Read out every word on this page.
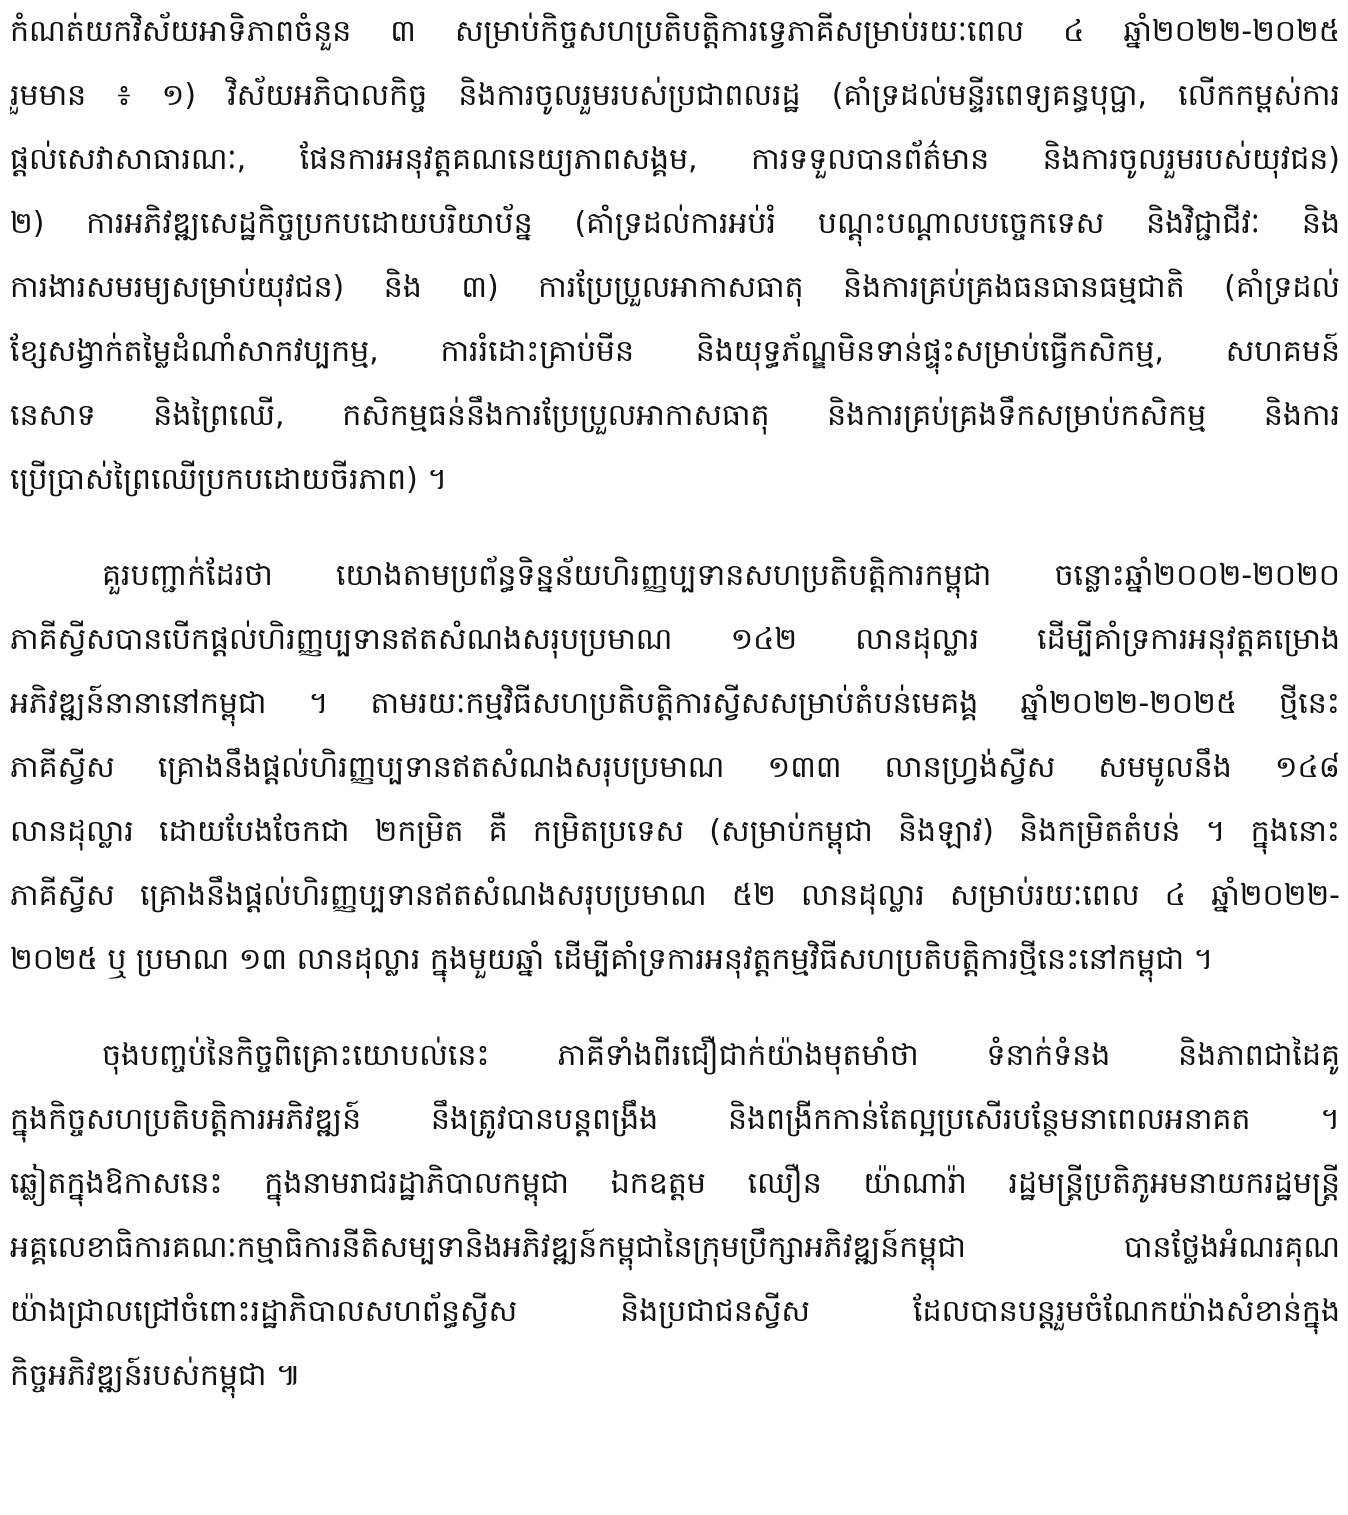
កំណត់យកវិស័យអាទិភាពចំនួន ៣ សម្រាប់កិច្ចសហប្រតិបត្តិការទ្វេភាគីសម្រាប់រយៈពេល ៤ ឆ្នាំ២០២២-២០២៥
រួមមាន ៖ ១) វិស័យអភិបាលកិច្ច និងការចូលរួមរបស់ប្រជាពលរដ្ឋ (គាំទ្រដល់មន្ទីរពេទ្យគន្ធបុប្ផា, លើកកម្ពស់ការ
ផ្តល់សេវាសាធារណៈ, ផែនការអនុវត្តគណនេយ្យភាពសង្គម, ការទទួលបានព័ត៌មាន និងការចូលរួមរបស់យុវជន)
២) ការអភិវឌ្ឍសេដ្ឋកិច្ចប្រកបដោយបរិយាប័ន្ន (គាំទ្រដល់ការអប់រំ បណ្តុះបណ្តាលបច្ចេកទេស និងវិជ្ជាជីវៈ និង
ការងារសមរម្យសម្រាប់យុវជន) និង ៣) ការប្រែប្រួលអាកាសធាតុ និងការគ្រប់គ្រងធនធានធម្មជាតិ (គាំទ្រដល់
ខ្សែសង្វាក់តម្លៃដំណាំសាកវប្បកម្ម, ការរំដោះគ្រាប់មីន និងយុទ្ធភ័ណ្ឌមិនទាន់ផ្ទុះសម្រាប់ធ្វើកសិកម្ម, សហគមន៍
នេសាទ និងព្រៃឈើ, កសិកម្មធន់នឹងការប្រែប្រួលអាកាសធាតុ និងការគ្រប់គ្រងទឹកសម្រាប់កសិកម្ម និងការ
ប្រើប្រាស់ព្រៃឈើប្រកបដោយចីរភាព) ។
គួរបញ្ជាក់ដែរថា យោងតាមប្រព័ន្ធទិន្នន័យហិរញ្ញប្បទានសហប្រតិបត្តិការកម្ពុជា ចន្លោះឆ្នាំ២០០២-២០២០
ភាគីស្វីសបានបើកផ្តល់ហិរញ្ញប្បទានឥតសំណងសរុបប្រមាណ ១៤២ លានដុល្លារ ដើម្បីគាំទ្រការអនុវត្តគម្រោង
អភិវឌ្ឍន៍នានានៅកម្ពុជា ។ តាមរយៈកម្មវិធីសហប្រតិបត្តិការស្វីសសម្រាប់តំបន់មេគង្គ ឆ្នាំ២០២២-២០២៥ ថ្មីនេះ
ភាគីស្វីស គ្រោងនឹងផ្តល់ហិរញ្ញប្បទានឥតសំណងសរុបប្រមាណ ១៣៣ លានហ្វ្រង់ស្វីស សមមូលនឹង ១៤៨
លានដុល្លារ ដោយបែងចែកជា ២កម្រិត គឺ កម្រិតប្រទេស (សម្រាប់កម្ពុជា និងឡាវ) និងកម្រិតតំបន់ ។ ក្នុងនោះ
ភាគីស្វីស គ្រោងនឹងផ្តល់ហិរញ្ញប្បទានឥតសំណងសរុបប្រមាណ ៥២ លានដុល្លារ សម្រាប់រយៈពេល ៤ ឆ្នាំ២០២២-
២០២៥ ឬ ប្រមាណ ១៣ លានដុល្លារ ក្នុងមួយឆ្នាំ ដើម្បីគាំទ្រការអនុវត្តកម្មវិធីសហប្រតិបត្តិការថ្មីនេះនៅកម្ពុជា ។
ចុងបញ្ចប់នៃកិច្ចពិគ្រោះយោបល់នេះ ភាគីទាំងពីរជឿជាក់យ៉ាងមុតមាំថា ទំនាក់ទំនង និងភាពជាដៃគូ
ក្នុងកិច្ចសហប្រតិបត្តិការអភិវឌ្ឍន៍ នឹងត្រូវបានបន្តពង្រឹង និងពង្រីកកាន់តែល្អប្រសើរបន្ថែមនាពេលអនាគត ។
ឆ្លៀតក្នុងឱកាសនេះ ក្នុងនាមរាជរដ្ឋាភិបាលកម្ពុជា ឯកឧត្តម ឈឿន យ៉ាណារ៉ា រដ្ឋមន្ត្រីប្រតិភូអមនាយករដ្ឋមន្ត្រី
អគ្គលេខាធិការគណៈកម្មាធិការនីតិសម្បទានិងអភិវឌ្ឍន៍កម្ពុជានៃក្រុមប្រឹក្សាអភិវឌ្ឍន៍កម្ពុជា បានថ្លែងអំណរគុណ
យ៉ាងជ្រាលជ្រៅចំពោះរដ្ឋាភិបាលសហព័ន្ធស្វីស និងប្រជាជនស្វីស ដែលបានបន្តរួមចំណែកយ៉ាងសំខាន់ក្នុង
កិច្ចអភិវឌ្ឍន៍របស់កម្ពុជា ៕
